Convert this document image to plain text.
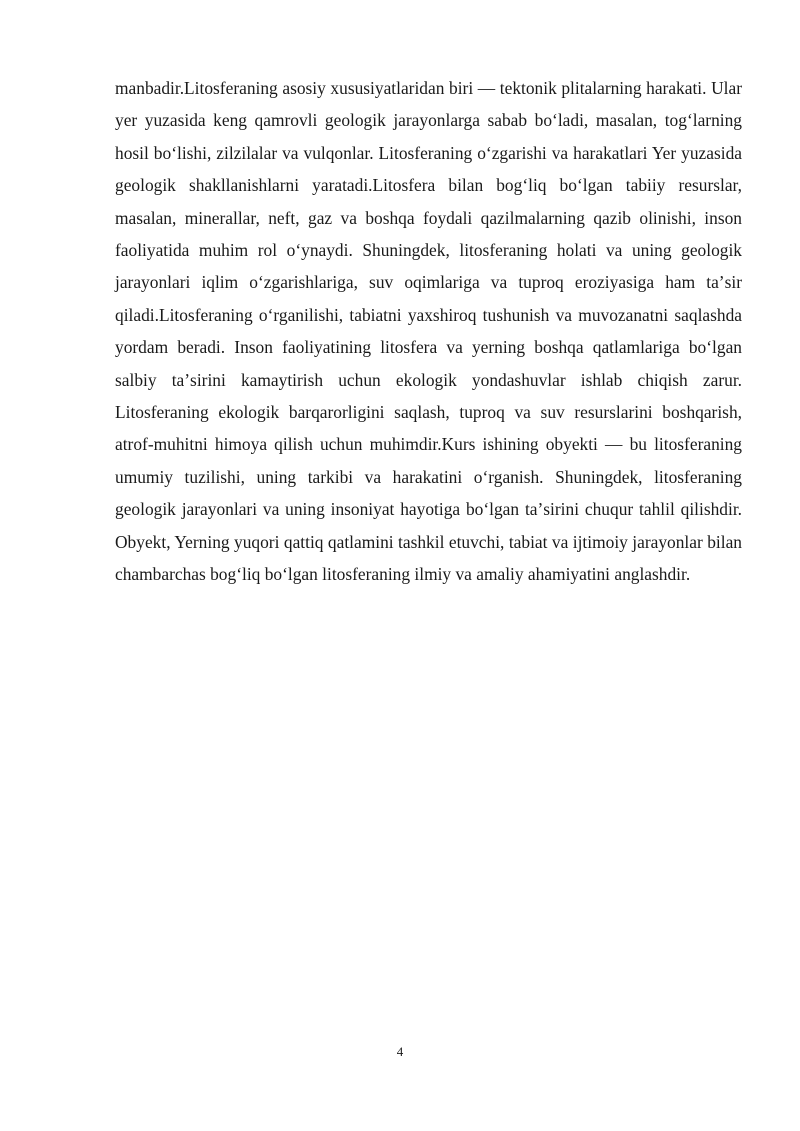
manbadir.Litosferaning asosiy xususiyatlaridan biri — tektonik plitalarning harakati. Ular yer yuzasida keng qamrovli geologik jarayonlarga sabab boʻladi, masalan, togʻlarning hosil boʻlishi, zilzilalar va vulqonlar. Litosferaning oʻzgarishi va harakatlari Yer yuzasida geologik shakllanishlarni yaratadi.Litosfera bilan bogʻliq boʻlgan tabiiy resurslar, masalan, minerallar, neft, gaz va boshqa foydali qazilmalarning qazib olinishi, inson faoliyatida muhim rol oʻynaydi. Shuningdek, litosferaning holati va uning geologik jarayonlari iqlim oʻzgarishlariga, suv oqimlariga va tuproq eroziyasiga ham taʼsir qiladi.Litosferaning oʻrganilishi, tabiatni yaxshiroq tushunish va muvozanatni saqlashda yordam beradi. Inson faoliyatining litosfera va yerning boshqa qatlamlariga boʻlgan salbiy taʼsirini kamaytirish uchun ekologik yondashuvlar ishlab chiqish zarur. Litosferaning ekologik barqarorligini saqlash, tuproq va suv resurslarini boshqarish, atrof-muhitni himoya qilish uchun muhimdir.Kurs ishining obyekti — bu litosferaning umumiy tuzilishi, uning tarkibi va harakatini oʻrganish. Shuningdek, litosferaning geologik jarayonlari va uning insoniyat hayotiga boʻlgan taʼsirini chuqur tahlil qilishdir. Obyekt, Yerning yuqori qattiq qatlamini tashkil etuvchi, tabiat va ijtimoiy jarayonlar bilan chambarchas bogʻliq boʻlgan litosferaning ilmiy va amaliy ahamiyatini anglashdir.

4
